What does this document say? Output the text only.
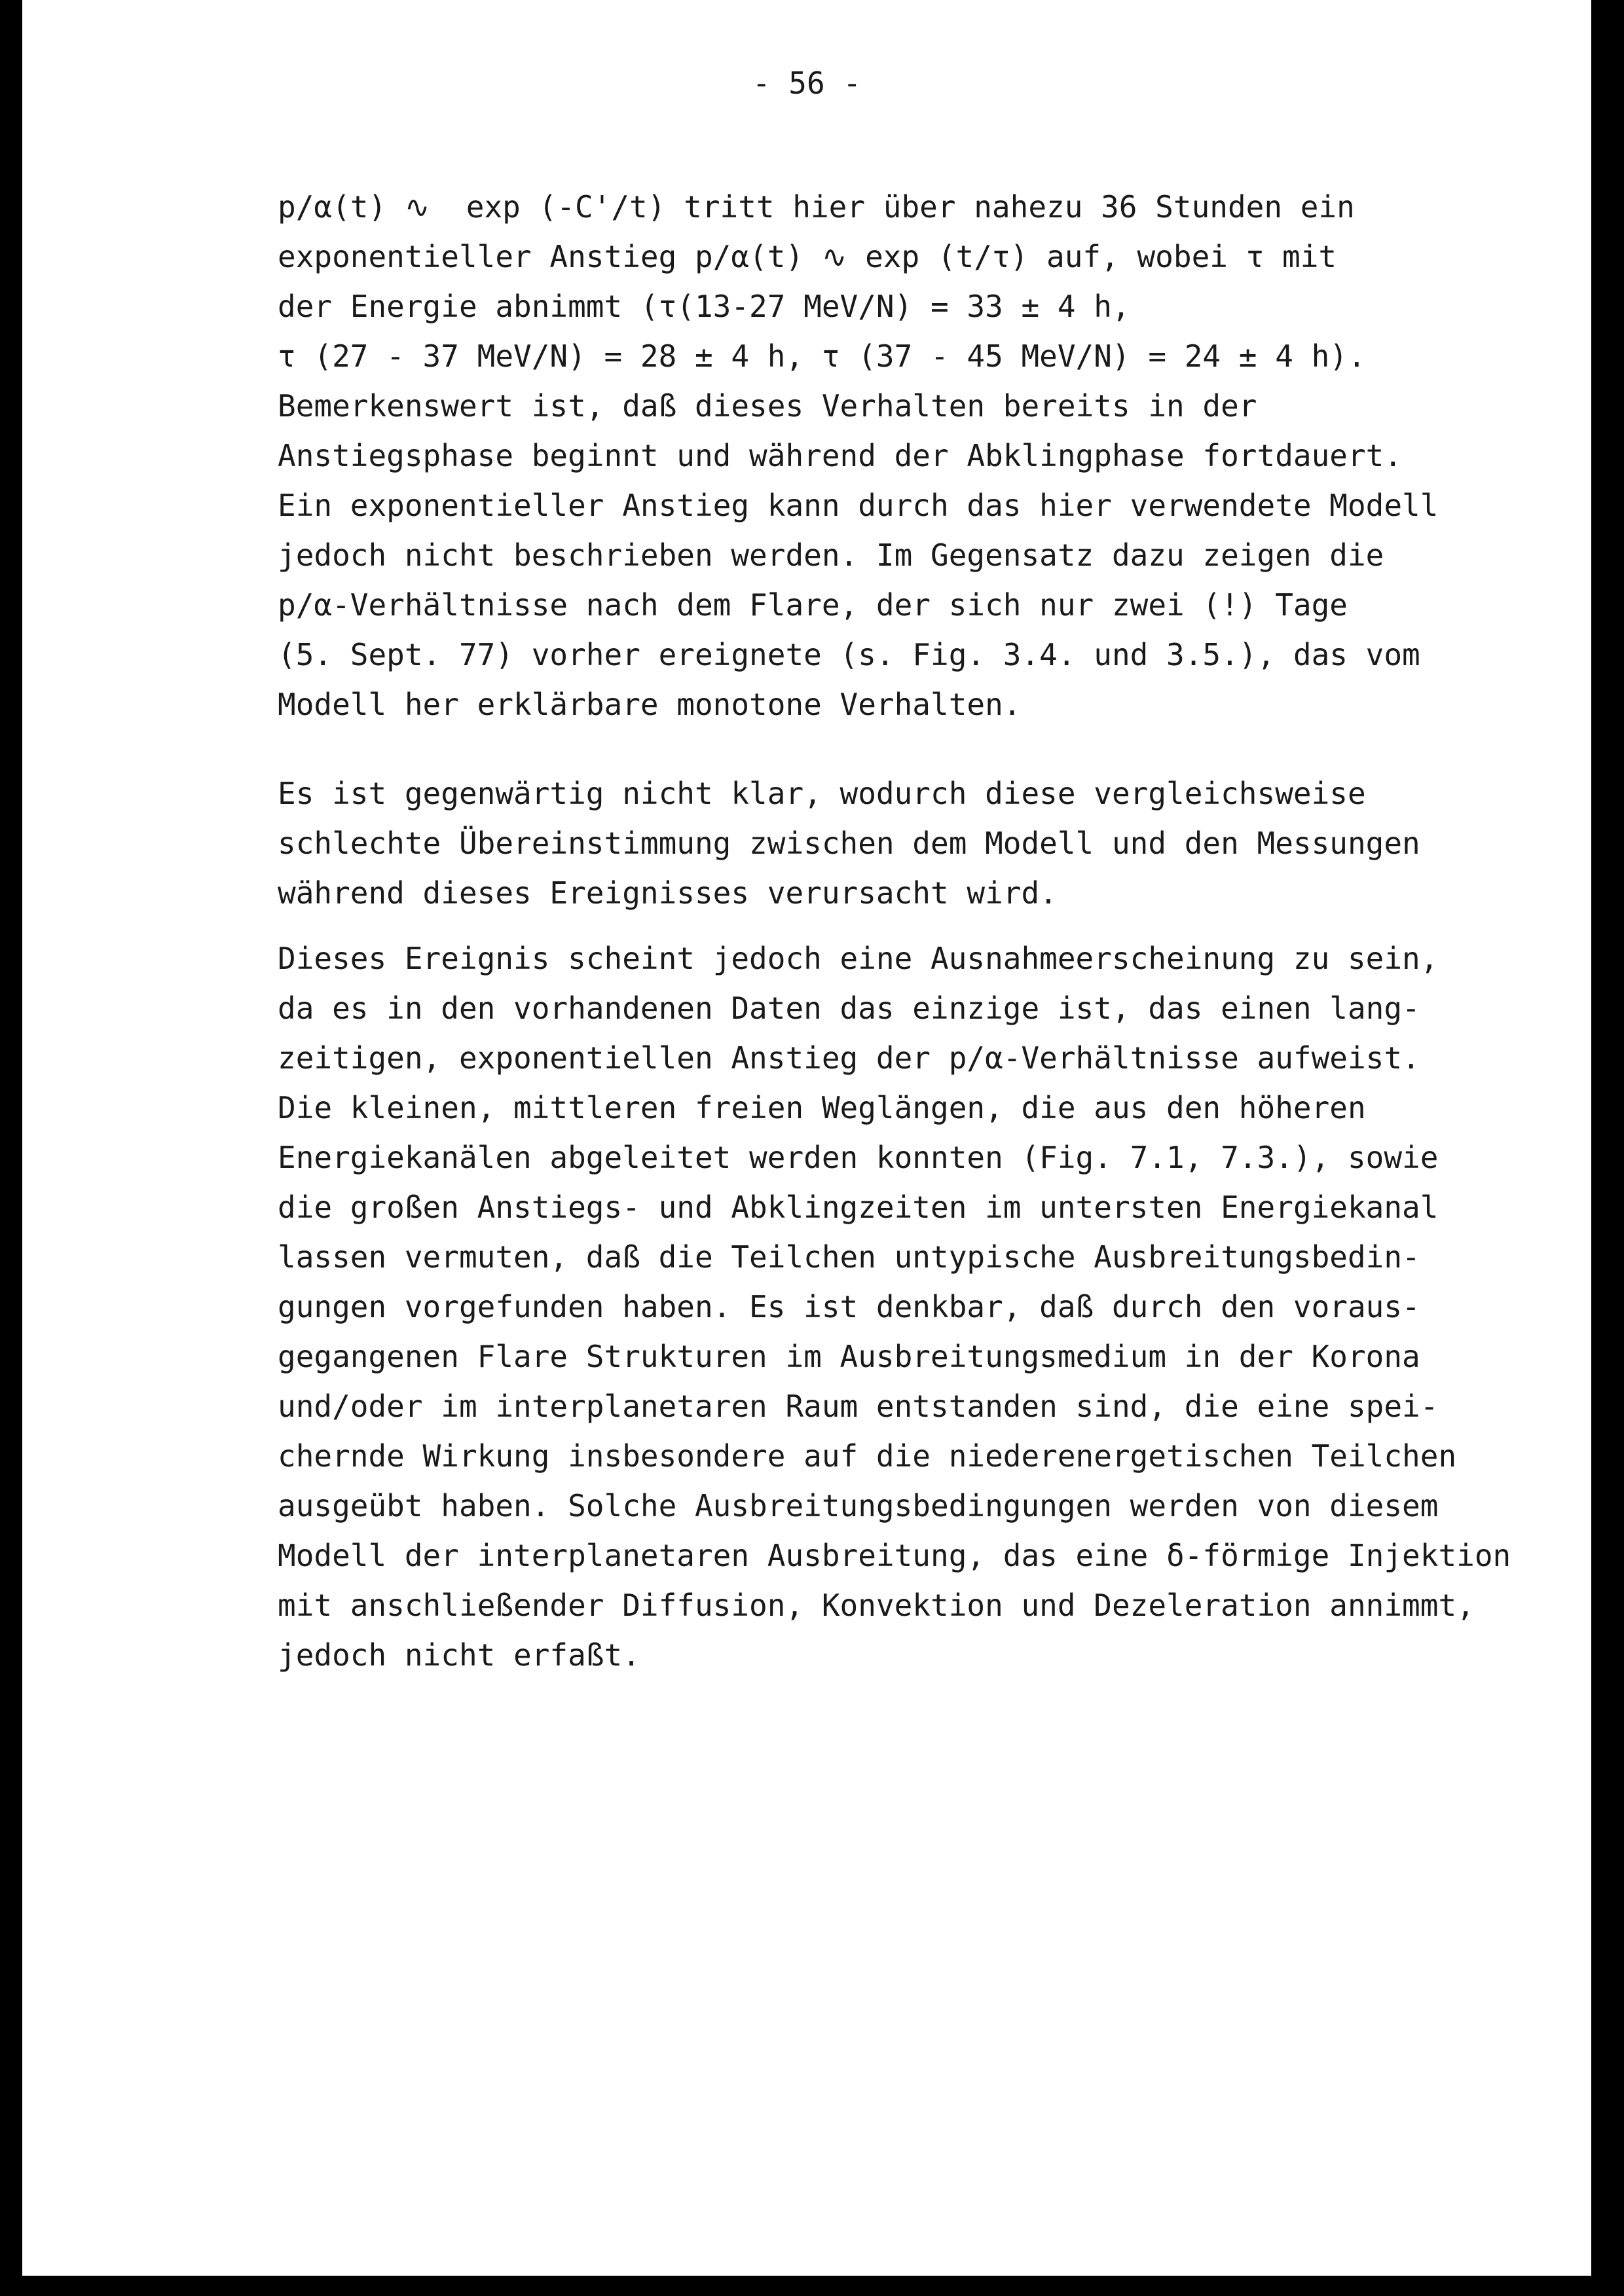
- 56 -
p/α(t) ∿  exp (-C'/t) tritt hier über nahezu 36 Stunden ein
exponentieller Anstieg p/α(t) ∿ exp (t/τ) auf, wobei τ mit
der Energie abnimmt (τ(13-27 MeV/N) = 33 ± 4 h,
τ (27 - 37 MeV/N) = 28 ± 4 h, τ (37 - 45 MeV/N) = 24 ± 4 h).
Bemerkenswert ist, daß dieses Verhalten bereits in der
Anstiegsphase beginnt und während der Abklingphase fortdauert.
Ein exponentieller Anstieg kann durch das hier verwendete Modell
jedoch nicht beschrieben werden. Im Gegensatz dazu zeigen die
p/α-Verhältnisse nach dem Flare, der sich nur zwei (!) Tage
(5. Sept. 77) vorher ereignete (s. Fig. 3.4. und 3.5.), das vom
Modell her erklärbare monotone Verhalten.
Es ist gegenwärtig nicht klar, wodurch diese vergleichsweise
schlechte Übereinstimmung zwischen dem Modell und den Messungen
während dieses Ereignisses verursacht wird.
Dieses Ereignis scheint jedoch eine Ausnahmeerscheinung zu sein,
da es in den vorhandenen Daten das einzige ist, das einen lang-
zeitigen, exponentiellen Anstieg der p/α-Verhältnisse aufweist.
Die kleinen, mittleren freien Weglängen, die aus den höheren
Energiekanälen abgeleitet werden konnten (Fig. 7.1, 7.3.), sowie
die großen Anstiegs- und Abklingzeiten im untersten Energiekanal
lassen vermuten, daß die Teilchen untypische Ausbreitungsbedin-
gungen vorgefunden haben. Es ist denkbar, daß durch den voraus-
gegangenen Flare Strukturen im Ausbreitungsmedium in der Korona
und/oder im interplanetaren Raum entstanden sind, die eine spei-
chernde Wirkung insbesondere auf die niederenergetischen Teilchen
ausgeübt haben. Solche Ausbreitungsbedingungen werden von diesem
Modell der interplanetaren Ausbreitung, das eine δ-förmige Injektion
mit anschließender Diffusion, Konvektion und Dezeleration annimmt,
jedoch nicht erfaßt.
